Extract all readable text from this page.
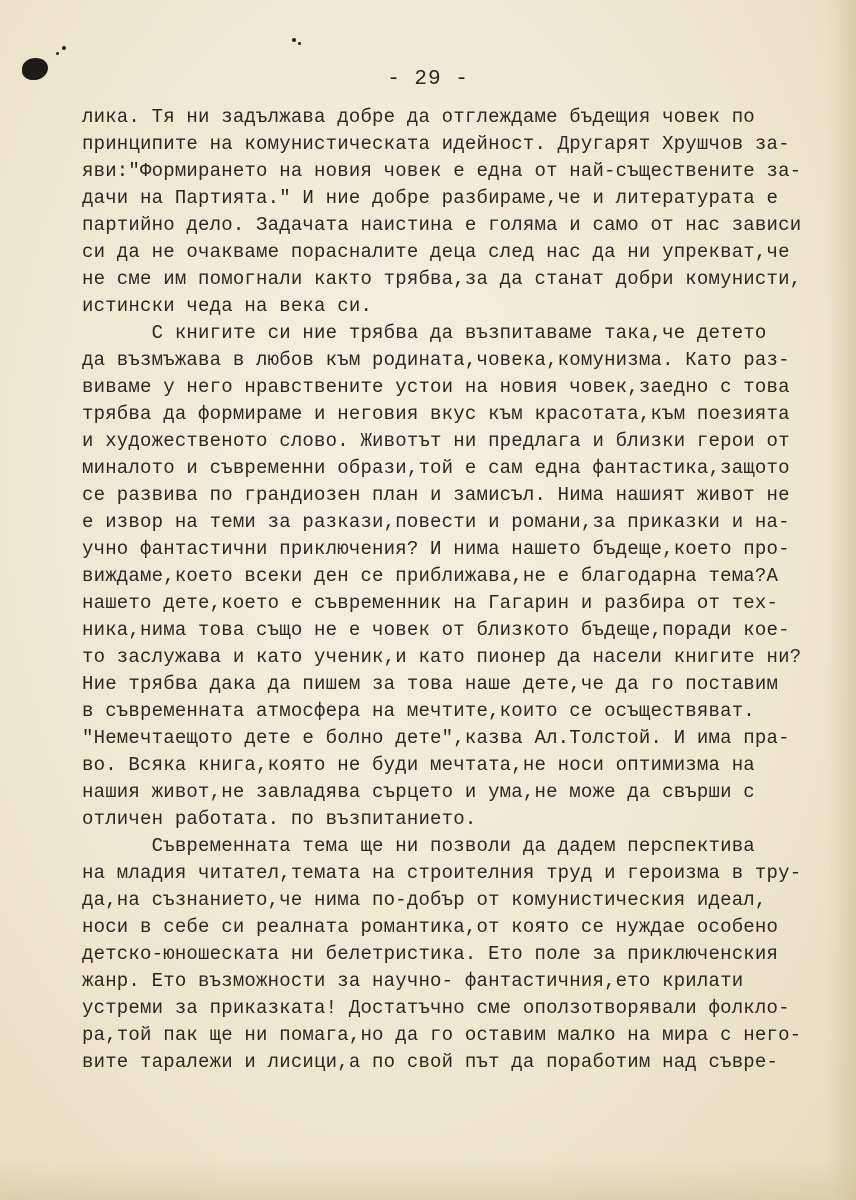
- 29 -
лика. Тя ни задължава добре да отглеждаме бъдещия човек по
принципите на комунистическата идейност. Другарят Хрушчов за-
яви:"Формирането на новия човек е една от най-съществените за-
дачи на Партията." И ние добре разбираме,че и литературата е
партийно дело. Задачата наистина е голяма и само от нас зависи
си да не очакваме порасналите деца след нас да ни упрекват,че
не сме им помогнали както трябва,за да станат добри комунисти,
истински чеда на века си.
С книгите си ние трябва да възпитаваме така,че детето
да възмъжава в любов към родината,човека,комунизма. Като раз-
виваме у него нравствените устои на новия човек,заедно с това
трябва да формираме и неговия вкус към красотата,към поезията
и художественото слово. Животът ни предлага и близки герои от
миналото и съвременни образи,той е сам една фантастика,защото
се развива по грандиозен план и замисъл. Нима нашият живот не
е извор на теми за разкази,повести и романи,за приказки и на-
учно фантастични приключения? И нима нашето бъдеще,което про-
виждаме,което всеки ден се приближава,не е благодарна тема?А
нашето дете,което е съвременник на Гагарин и разбира от тех-
ника,нима това също не е човек от близкото бъдеще,поради кое-
то заслужава и като ученик,и като пионер да насели книгите ни?
Ние трябва дака да пишем за това наше дете,че да го поставим
в съвременната атмосфера на мечтите,които се осъществяват.
"Немечтаещото дете е болно дете",казва Ал.Толстой. И има пра-
во. Всяка книга,която не буди мечтата,не носи оптимизма на
нашия живот,не завладява сърцето и ума,не може да свърши с
отличен работата. по възпитанието.
Съвременната тема ще ни позволи да дадем перспектива
на младия читател,темата на строителния труд и героизма в тру-
да,на съзнанието,че нима по-добър от комунистическия идеал,
носи в себе си реалната романтика,от която се нуждае особено
детско-юношеската ни белетристика. Ето поле за приключенския
жанр. Ето възможности за научно- фантастичния,ето крилати
устреми за приказката! Достатъчно сме оползотворявали фолкло-
ра,той пак ще ни помага,но да го оставим малко на мира с него-
вите таралежи и лисици,а по свой път да поработим над съвре-
